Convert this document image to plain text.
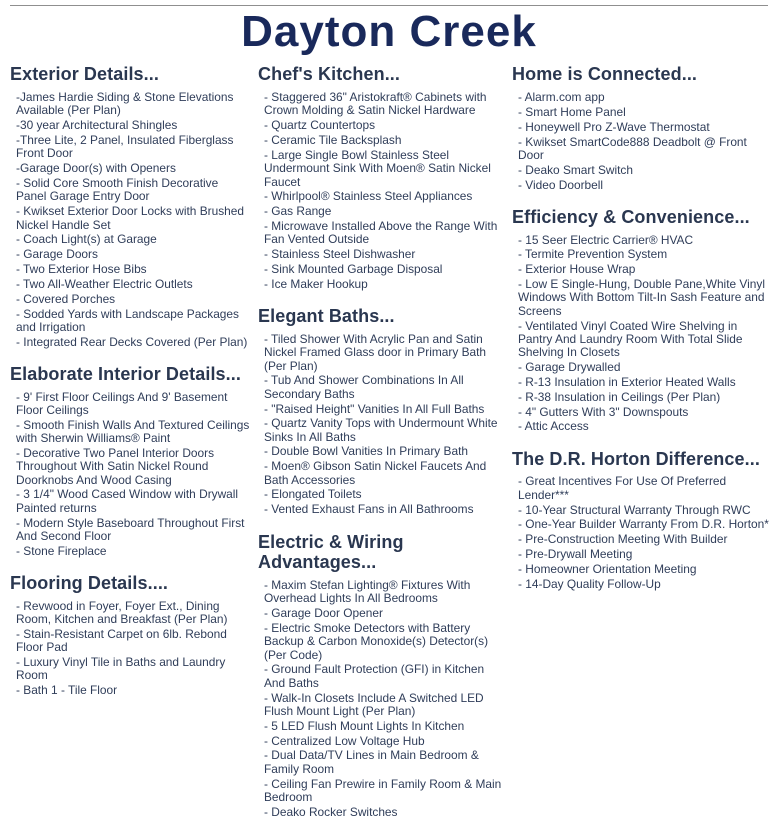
Dayton Creek
Exterior Details...
-James Hardie Siding & Stone Elevations Available (Per Plan)
-30 year Architectural Shingles
-Three Lite, 2 Panel, Insulated Fiberglass Front Door
-Garage Door(s) with Openers
- Solid Core Smooth Finish Decorative Panel Garage Entry Door
- Kwikset Exterior Door Locks with Brushed Nickel Handle Set
- Coach Light(s) at Garage
- Garage Doors
- Two Exterior Hose Bibs
- Two All-Weather Electric Outlets
- Covered Porches
- Sodded Yards with Landscape Packages and Irrigation
- Integrated Rear Decks Covered (Per Plan)
Elaborate Interior Details...
- 9' First Floor Ceilings And 9' Basement Floor Ceilings
- Smooth Finish Walls And Textured Ceilings with Sherwin Williams® Paint
- Decorative Two Panel Interior Doors Throughout With Satin Nickel Round Doorknobs And Wood Casing
- 3 1/4" Wood Cased Window with Drywall Painted returns
- Modern Style Baseboard Throughout First And Second Floor
- Stone Fireplace
Flooring Details....
- Revwood in Foyer, Foyer Ext., Dining Room, Kitchen and Breakfast (Per Plan)
- Stain-Resistant Carpet on 6lb. Rebond Floor Pad
- Luxury Vinyl Tile in Baths and Laundry Room
- Bath 1 - Tile Floor
Chef's Kitchen...
- Staggered 36" Aristokraft® Cabinets with Crown Molding & Satin Nickel Hardware
- Quartz Countertops
- Ceramic Tile Backsplash
- Large Single Bowl Stainless Steel Undermount Sink With Moen® Satin Nickel Faucet
- Whirlpool® Stainless Steel Appliances
- Gas Range
- Microwave Installed Above the Range With Fan Vented Outside
- Stainless Steel Dishwasher
- Sink Mounted Garbage Disposal
- Ice Maker Hookup
Elegant Baths...
- Tiled Shower With Acrylic Pan and Satin Nickel Framed Glass door in Primary Bath (Per Plan)
- Tub And Shower Combinations In All Secondary Baths
- "Raised Height" Vanities In All Full Baths
- Quartz Vanity Tops with Undermount White Sinks In All Baths
- Double Bowl Vanities In Primary Bath
- Moen® Gibson Satin Nickel Faucets And Bath Accessories
- Elongated Toilets
- Vented Exhaust Fans in All Bathrooms
Electric & Wiring Advantages...
- Maxim Stefan Lighting® Fixtures With Overhead Lights In All Bedrooms
- Garage Door Opener
- Electric Smoke Detectors with Battery Backup & Carbon Monoxide(s) Detector(s) (Per Code)
- Ground Fault Protection (GFI) in Kitchen And Baths
- Walk-In Closets Include A Switched LED Flush Mount Light (Per Plan)
- 5 LED Flush Mount Lights In Kitchen
- Centralized Low Voltage Hub
- Dual Data/TV Lines in Main Bedroom & Family Room
- Ceiling Fan Prewire in Family Room & Main Bedroom
- Deako Rocker Switches
Home is Connected...
- Alarm.com app
- Smart Home Panel
- Honeywell Pro Z-Wave Thermostat
- Kwikset SmartCode888 Deadbolt @ Front Door
- Deako Smart Switch
- Video Doorbell
Efficiency & Convenience...
- 15 Seer Electric Carrier® HVAC
- Termite Prevention System
- Exterior House Wrap
- Low E Single-Hung, Double Pane,White Vinyl Windows With Bottom Tilt-In Sash Feature and Screens
- Ventilated Vinyl Coated Wire Shelving in Pantry And Laundry Room With Total Slide Shelving In Closets
- Garage Drywalled
- R-13 Insulation in Exterior Heated Walls
- R-38 Insulation in Ceilings (Per Plan)
- 4" Gutters With 3" Downspouts
- Attic Access
The D.R. Horton Difference...
- Great Incentives For Use Of Preferred Lender***
- 10-Year Structural Warranty Through RWC
- One-Year Builder Warranty From D.R. Horton*
- Pre-Construction Meeting With Builder
- Pre-Drywall Meeting
- Homeowner Orientation Meeting
- 14-Day Quality Follow-Up
